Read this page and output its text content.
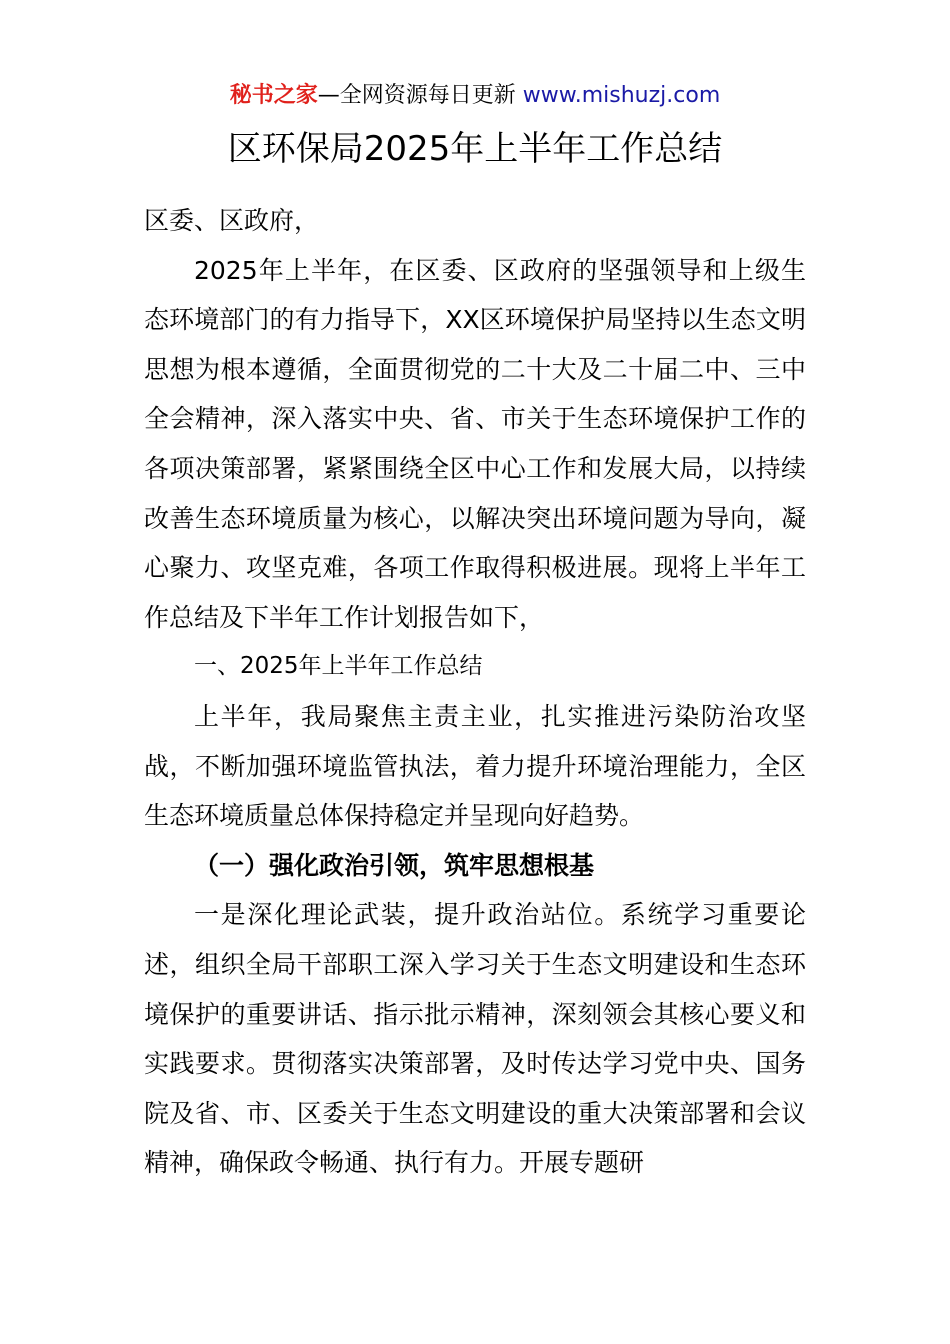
秘书之家—全网资源每日更新 www.mishuzj.com
区环保局2025年上半年工作总结

区委、区政府，

2025年上半年，在区委、区政府的坚强领导和上级生态环境部门的有力指导下，XX区环境保护局坚持以生态文明思想为根本遵循，全面贯彻党的二十大及二十届二中、三中全会精神，深入落实中央、省、市关于生态环境保护工作的各项决策部署，紧紧围绕全区中心工作和发展大局，以持续改善生态环境质量为核心，以解决突出环境问题为导向，凝心聚力、攻坚克难，各项工作取得积极进展。现将上半年工作总结及下半年工作计划报告如下，

一、2025年上半年工作总结

上半年，我局聚焦主责主业，扎实推进污染防治攻坚战，不断加强环境监管执法，着力提升环境治理能力，全区生态环境质量总体保持稳定并呈现向好趋势。

（一）强化政治引领，筑牢思想根基

一是深化理论武装，提升政治站位。系统学习重要论述，组织全局干部职工深入学习关于生态文明建设和生态环境保护的重要讲话、指示批示精神，深刻领会其核心要义和实践要求。贯彻落实决策部署，及时传达学习党中央、国务院及省、市、区委关于生态文明建设的重大决策部署和会议精神，确保政令畅通、执行有力。开展专题研
